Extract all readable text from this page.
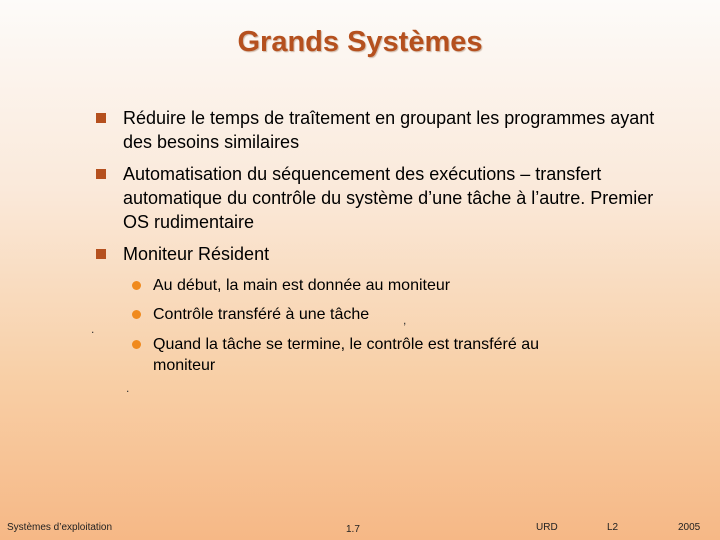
Grands Systèmes
Réduire le temps de traîtement en groupant les programmes ayant des besoins similaires
Automatisation du séquencement des exécutions – transfert automatique du contrôle du système d’une tâche à l’autre. Premier OS rudimentaire
Moniteur Résident
Au début, la main est donnée au moniteur
Contrôle transféré à une tâche
Quand la tâche se termine, le contrôle est transféré au moniteur
.
,
.
Systèmes d’exploitation	1.7	URD	L2	2005
